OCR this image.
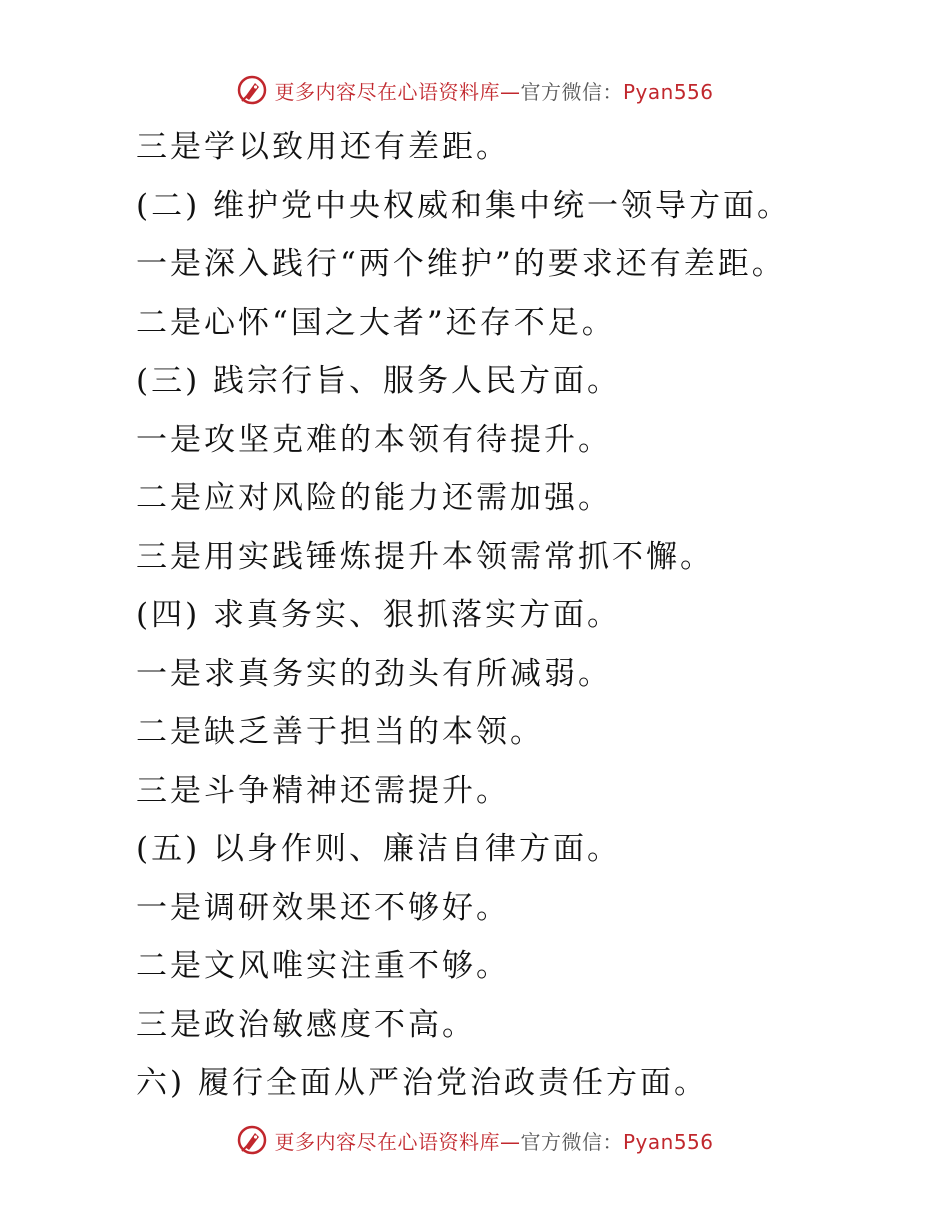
更多内容尽在心语资料库—官方微信：Pyan556
三是学以致用还有差距。
(二) 维护党中央权威和集中统一领导方面。
一是深入践行“两个维护”的要求还有差距。
二是心怀“国之大者”还存不足。
(三) 践宗行旨、服务人民方面。
一是攻坚克难的本领有待提升。
二是应对风险的能力还需加强。
三是用实践锤炼提升本领需常抓不懈。
(四) 求真务实、狠抓落实方面。
一是求真务实的劲头有所减弱。
二是缺乏善于担当的本领。
三是斗争精神还需提升。
(五) 以身作则、廉洁自律方面。
一是调研效果还不够好。
二是文风唯实注重不够。
三是政治敏感度不高。
六) 履行全面从严治党治政责任方面。
更多内容尽在心语资料库—官方微信：Pyan556
